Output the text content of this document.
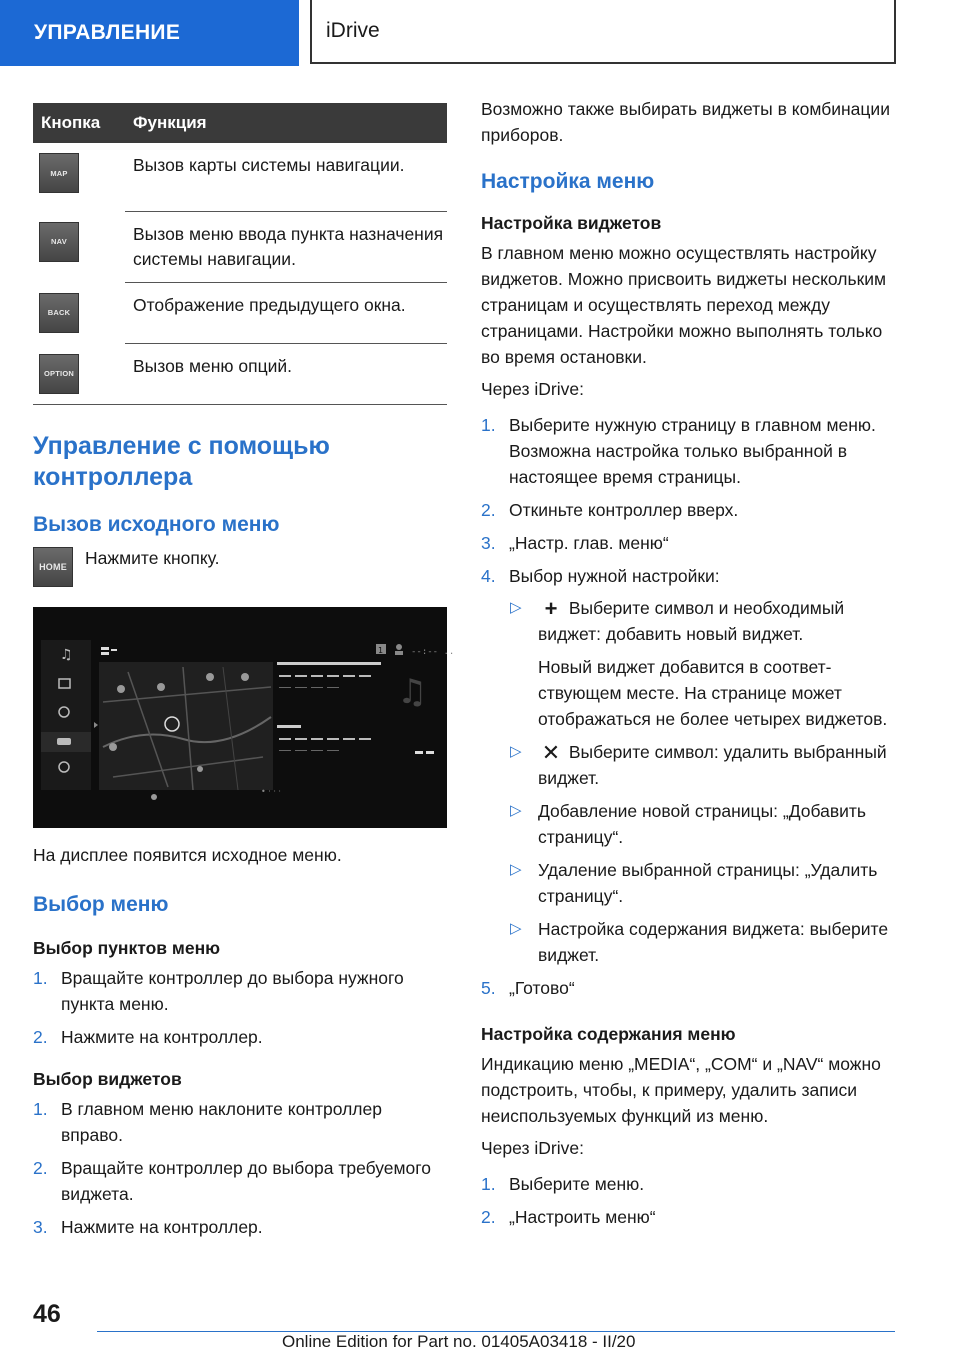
УПРАВЛЕНИЕ	iDrive
Кнопка	Функция

MAP	Вызов карты системы навигации.

NAV	Вызов меню ввода пункта назначения системы навигации.

BACK	Отображение предыдущего окна.

OPTION	Вызов меню опций.
Управление с помощью контроллера
Вызов исходного меню
HOME	Нажмите кнопку.

♫
♫
1	--:-- ..
• · · ·

На дисплее появится исходное меню.

Выбор меню
Выбор пунктов меню
1. Вращайте контроллер до выбора нужного пункта меню.
2. Нажмите на контроллер.
Выбор виджетов
1. В главном меню наклоните контроллер вправо.
2. Вращайте контроллер до выбора требуемого виджета.
3. Нажмите на контроллер.

Возможно также выбирать виджеты в комбинации приборов.

Настройка меню
Настройка виджетов

В главном меню можно осуществлять настройку виджетов. Можно присвоить виджеты нескольким страницам и осуществлять переход между страницами. Настройки можно выполнять только во время остановки.

Через iDrive:

1. Выберите нужную страницу в главном меню. Возможна настройка только выбранной в настоящее время страницы.
2. Откиньте контроллер вверх.
3. „Настр. глав. меню“
4. Выбор нужной настройки:
▷ + Выберите символ и необходимый виджет: добавить новый виджет.
Новый виджет добавится в соответствующем месте. На странице может отображаться не более четырех виджетов.
▷ ✕ Выберите символ: удалить выбранный виджет.
▷ Добавление новой страницы: „Добавить страницу“.
▷ Удаление выбранной страницы: „Удалить страницу“.
▷ Настройка содержания виджета: выберите виджет.
5. „Готово“
Настройка содержания меню

Индикацию меню „MEDIA“, „COM“ и „NAV“ можно подстроить, чтобы, к примеру, удалить записи неиспользуемых функций из меню.

Через iDrive:

1. Выберите меню.
2. „Настроить меню“
46
Online Edition for Part no. 01405A03418 - II/20
